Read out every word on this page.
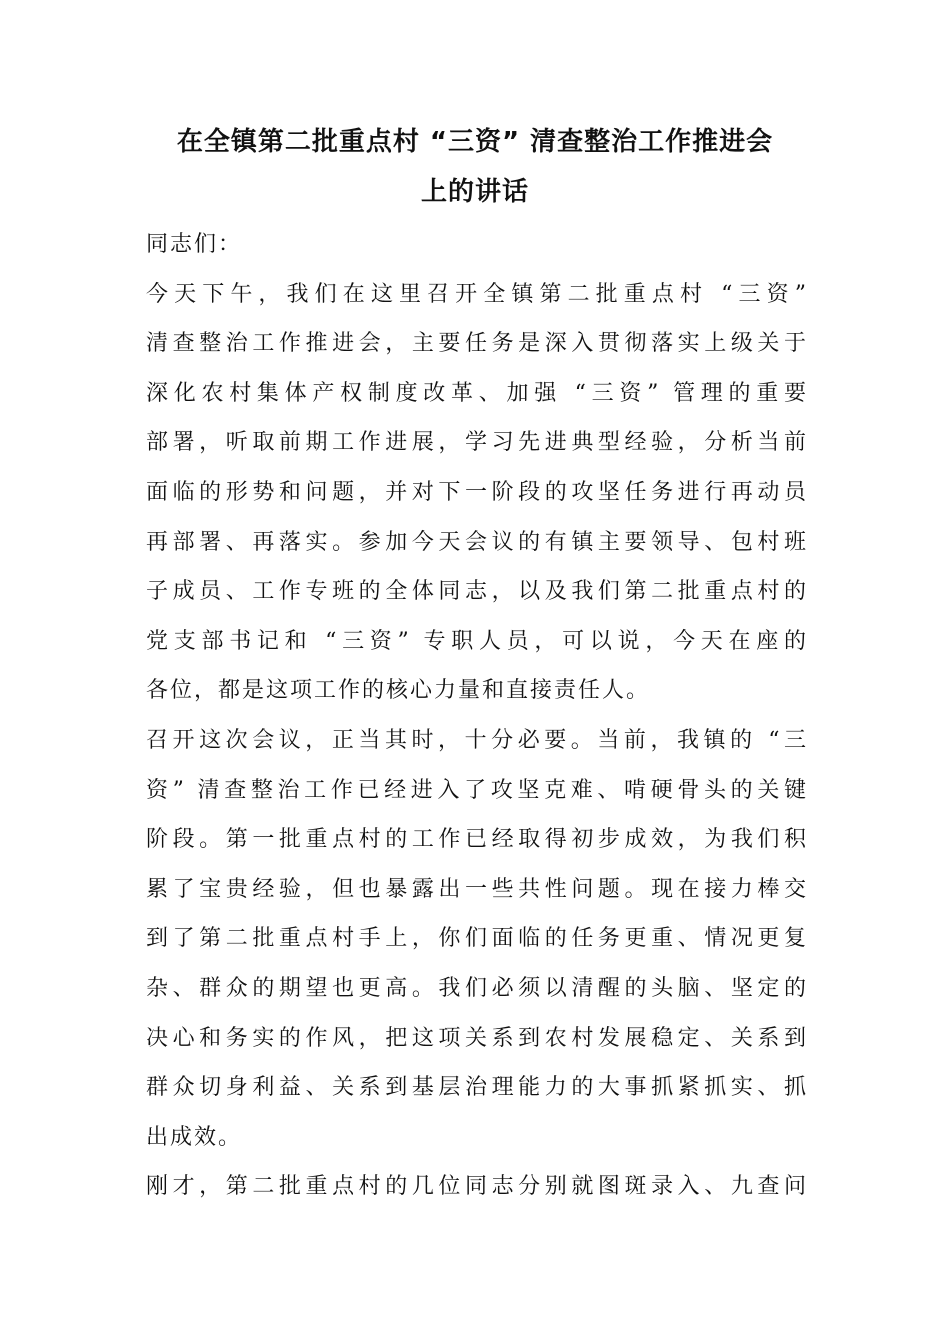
在全镇第二批重点村 “三资” 清查整治工作推进会
上的讲话
同志们：
今天下午，我们在这里召开全镇第二批重点村 “三资”
清查整治工作推进会，主要任务是深入贯彻落实上级关于
深化农村集体产权制度改革、加强 “三资” 管理的重要
部署，听取前期工作进展，学习先进典型经验，分析当前
面临的形势和问题，并对下一阶段的攻坚任务进行再动员
再部署、再落实。参加今天会议的有镇主要领导、包村班
子成员、工作专班的全体同志，以及我们第二批重点村的
党支部书记和 “三资” 专职人员，可以说，今天在座的
各位，都是这项工作的核心力量和直接责任人。
召开这次会议，正当其时，十分必要。当前，我镇的 “三
资” 清查整治工作已经进入了攻坚克难、啃硬骨头的关键
阶段。第一批重点村的工作已经取得初步成效，为我们积
累了宝贵经验，但也暴露出一些共性问题。现在接力棒交
到了第二批重点村手上，你们面临的任务更重、情况更复
杂、群众的期望也更高。我们必须以清醒的头脑、坚定的
决心和务实的作风，把这项关系到农村发展稳定、关系到
群众切身利益、关系到基层治理能力的大事抓紧抓实、抓
出成效。
刚才，第二批重点村的几位同志分别就图斑录入、九查问
